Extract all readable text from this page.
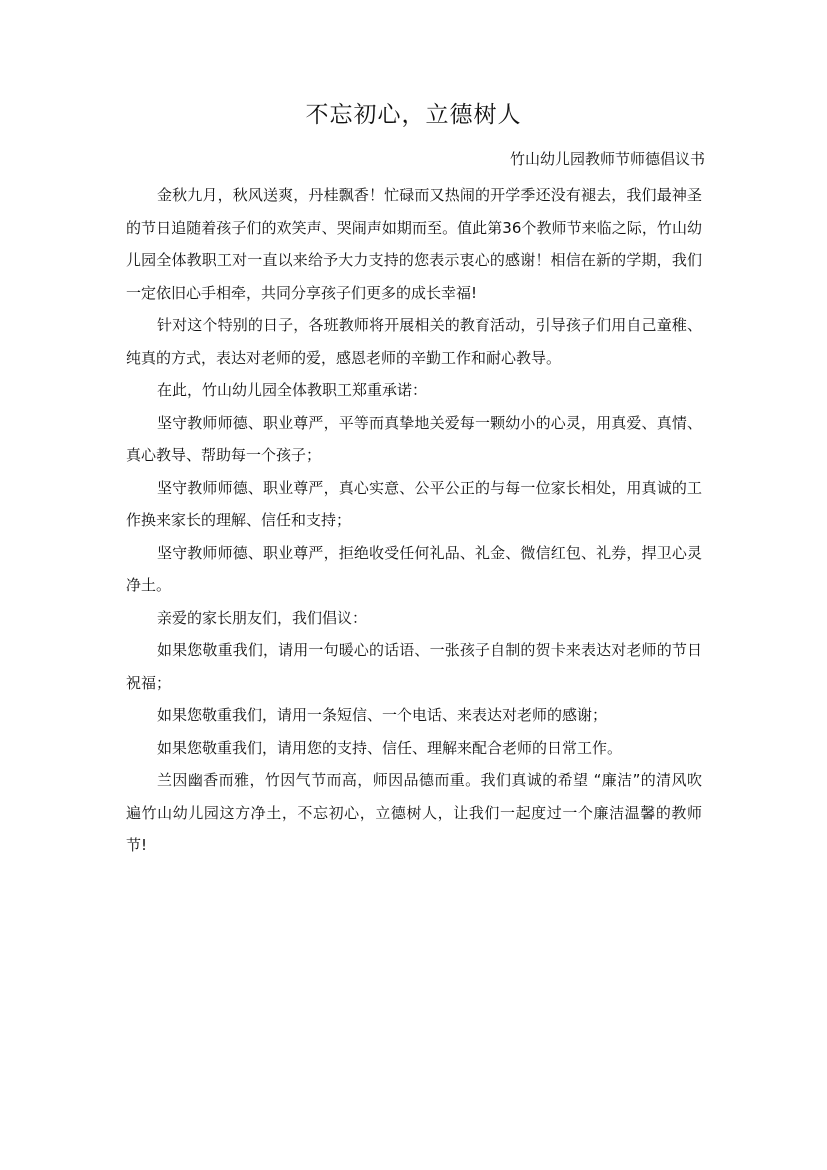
不忘初心，立德树人
竹山幼儿园教师节师德倡议书

金秋九月，秋风送爽，丹桂飘香！忙碌而又热闹的开学季还没有褪去，我们最神圣的节日追随着孩子们的欢笑声、哭闹声如期而至。值此第36个教师节来临之际，竹山幼儿园全体教职工对一直以来给予大力支持的您表示衷心的感谢！相信在新的学期，我们一定依旧心手相牵，共同分享孩子们更多的成长幸福!

针对这个特别的日子，各班教师将开展相关的教育活动，引导孩子们用自己童稚、纯真的方式，表达对老师的爱，感恩老师的辛勤工作和耐心教导。

在此，竹山幼儿园全体教职工郑重承诺：

坚守教师师德、职业尊严，平等而真挚地关爱每一颗幼小的心灵，用真爱、真情、真心教导、帮助每一个孩子；

坚守教师师德、职业尊严，真心实意、公平公正的与每一位家长相处，用真诚的工作换来家长的理解、信任和支持；

坚守教师师德、职业尊严，拒绝收受任何礼品、礼金、微信红包、礼券，捍卫心灵净土。

亲爱的家长朋友们，我们倡议：

如果您敬重我们，请用一句暖心的话语、一张孩子自制的贺卡来表达对老师的节日祝福；

如果您敬重我们，请用一条短信、一个电话、来表达对老师的感谢；

如果您敬重我们，请用您的支持、信任、理解来配合老师的日常工作。

兰因幽香而雅，竹因气节而高，师因品德而重。我们真诚的希望 “廉洁”的清风吹遍竹山幼儿园这方净土，不忘初心，立德树人，让我们一起度过一个廉洁温馨的教师节!
